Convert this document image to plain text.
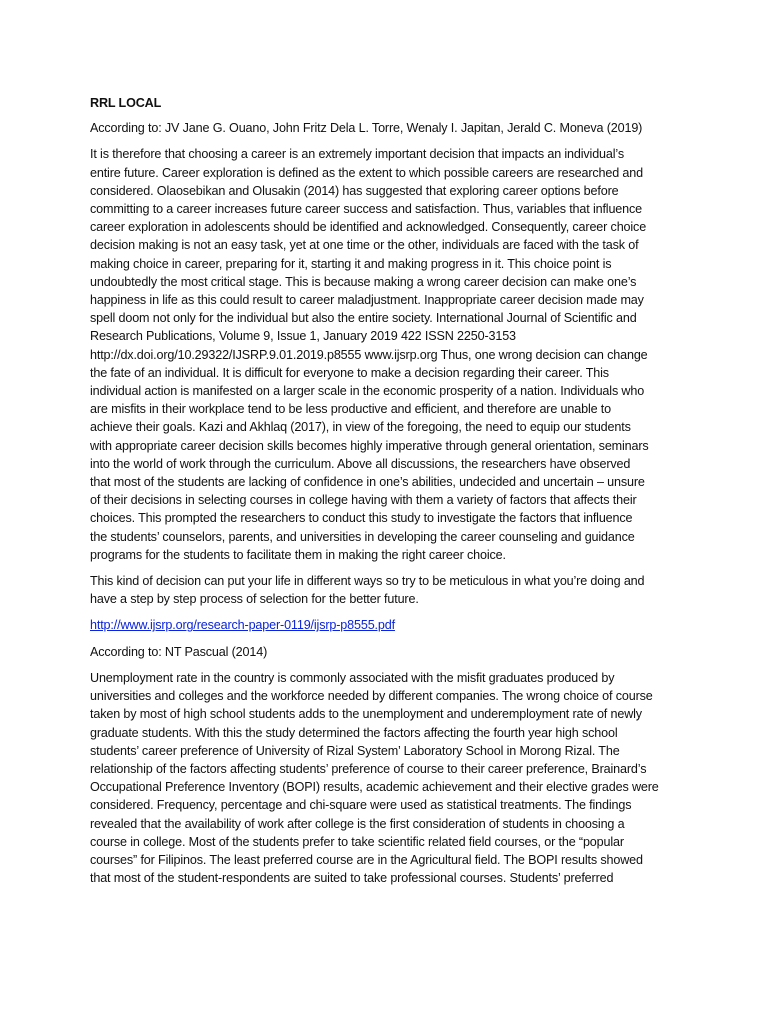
RRL LOCAL
According to: JV Jane G. Ouano, John Fritz Dela L. Torre, Wenaly I. Japitan, Jerald C. Moneva (2019)
It is therefore that choosing a career is an extremely important decision that impacts an individual’s
entire future. Career exploration is defined as the extent to which possible careers are researched and
considered. Olaosebikan and Olusakin (2014) has suggested that exploring career options before
committing to a career increases future career success and satisfaction. Thus, variables that influence
career exploration in adolescents should be identified and acknowledged. Consequently, career choice
decision making is not an easy task, yet at one time or the other, individuals are faced with the task of
making choice in career, preparing for it, starting it and making progress in it. This choice point is
undoubtedly the most critical stage. This is because making a wrong career decision can make one’s
happiness in life as this could result to career maladjustment. Inappropriate career decision made may
spell doom not only for the individual but also the entire society. International Journal of Scientific and
Research Publications, Volume 9, Issue 1, January 2019 422 ISSN 2250-3153
http://dx.doi.org/10.29322/IJSRP.9.01.2019.p8555 www.ijsrp.org Thus, one wrong decision can change
the fate of an individual. It is difficult for everyone to make a decision regarding their career. This
individual action is manifested on a larger scale in the economic prosperity of a nation. Individuals who
are misfits in their workplace tend to be less productive and efficient, and therefore are unable to
achieve their goals. Kazi and Akhlaq (2017), in view of the foregoing, the need to equip our students
with appropriate career decision skills becomes highly imperative through general orientation, seminars
into the world of work through the curriculum. Above all discussions, the researchers have observed
that most of the students are lacking of confidence in one’s abilities, undecided and uncertain – unsure
of their decisions in selecting courses in college having with them a variety of factors that affects their
choices. This prompted the researchers to conduct this study to investigate the factors that influence
the students’ counselors, parents, and universities in developing the career counseling and guidance
programs for the students to facilitate them in making the right career choice.
This kind of decision can put your life in different ways so try to be meticulous in what you’re doing and
have a step by step process of selection for the better future.
http://www.ijsrp.org/research-paper-0119/ijsrp-p8555.pdf
According to: NT Pascual (2014)
Unemployment rate in the country is commonly associated with the misfit graduates produced by
universities and colleges and the workforce needed by different companies. The wrong choice of course
taken by most of high school students adds to the unemployment and underemployment rate of newly
graduate students. With this the study determined the factors affecting the fourth year high school
students’ career preference of University of Rizal System’ Laboratory School in Morong Rizal. The
relationship of the factors affecting students’ preference of course to their career preference, Brainard’s
Occupational Preference Inventory (BOPI) results, academic achievement and their elective grades were
considered. Frequency, percentage and chi-square were used as statistical treatments. The findings
revealed that the availability of work after college is the first consideration of students in choosing a
course in college. Most of the students prefer to take scientific related field courses, or the “popular
courses” for Filipinos. The least preferred course are in the Agricultural field. The BOPI results showed
that most of the student-respondents are suited to take professional courses. Students’ preferred
